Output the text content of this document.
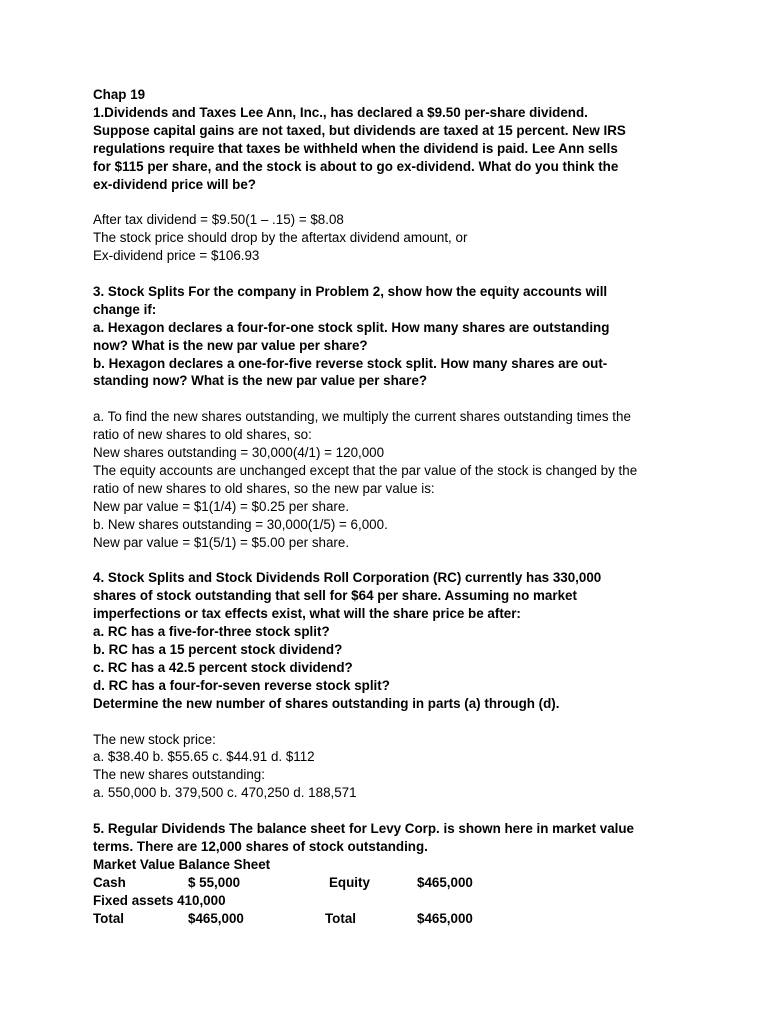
Chap 19
1.Dividends and Taxes Lee Ann, Inc., has declared a $9.50 per-share dividend.
Suppose capital gains are not taxed, but dividends are taxed at 15 percent. New IRS
regulations require that taxes be withheld when the dividend is paid. Lee Ann sells
for $115 per share, and the stock is about to go ex-dividend. What do you think the
ex-dividend price will be?
After tax dividend = $9.50(1 – .15) = $8.08
The stock price should drop by the aftertax dividend amount, or
Ex-dividend price = $106.93
3. Stock Splits For the company in Problem 2, show how the equity accounts will
change if:
a. Hexagon declares a four-for-one stock split. How many shares are outstanding
now? What is the new par value per share?
b. Hexagon declares a one-for-five reverse stock split. How many shares are out-
standing now? What is the new par value per share?
a. To find the new shares outstanding, we multiply the current shares outstanding times the
ratio of new shares to old shares, so:
New shares outstanding = 30,000(4/1) = 120,000
The equity accounts are unchanged except that the par value of the stock is changed by the
ratio of new shares to old shares, so the new par value is:
New par value = $1(1/4) = $0.25 per share.
b. New shares outstanding = 30,000(1/5) = 6,000.
New par value = $1(5/1) = $5.00 per share.
4. Stock Splits and Stock Dividends Roll Corporation (RC) currently has 330,000
shares of stock outstanding that sell for $64 per share. Assuming no market
imperfections or tax effects exist, what will the share price be after:
a. RC has a five-for-three stock split?
b. RC has a 15 percent stock dividend?
c. RC has a 42.5 percent stock dividend?
d. RC has a four-for-seven reverse stock split?
Determine the new number of shares outstanding in parts (a) through (d).
The new stock price:
a. $38.40 b. $55.65 c. $44.91 d. $112
The new shares outstanding:
a. 550,000 b. 379,500 c. 470,250 d. 188,571
5. Regular Dividends The balance sheet for Levy Corp. is shown here in market value
terms. There are 12,000 shares of stock outstanding.
Market Value Balance Sheet
Cash	$ 55,000	Equity	$465,000
Fixed assets 410,000
Total	$465,000	Total	$465,000
